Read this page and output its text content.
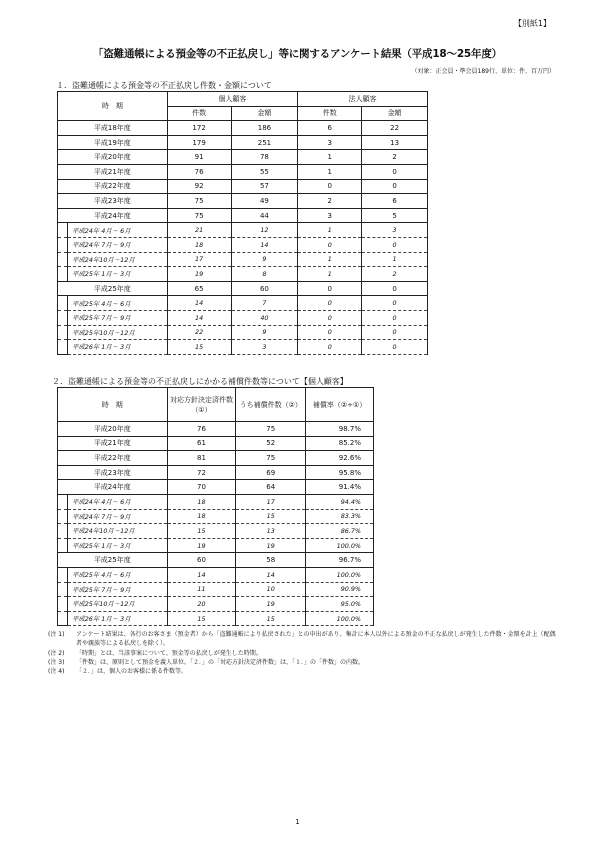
【別紙1】
「盗難通帳による預金等の不正払戻し」等に関するアンケート結果（平成18〜25年度）
（対象：正会員・準会員189行、単位：件、百万円）
１．盗難通帳による預金等の不正払戻し件数・金額について
時　期		個人顧客		法人顧客	
		件数	金額	件数	金額
平成18年度		172	186	6	22
平成19年度		179	251	3	13
平成20年度		91	78	1	2
平成21年度		76	55	1	0
平成22年度		92	57	0	0
平成23年度		75	49	2	6
平成24年度		75	44	3	5
	平成24年 4月〜 6月	21	12	1	3
	平成24年 7月〜 9月	18	14	0	0
	平成24年10月〜12月	17	9	1	1
	平成25年 1月〜 3月	19	8	1	2
平成25年度		65	60	0	0
	平成25年 4月〜 6月	14	7	0	0
	平成25年 7月〜 9月	14	40	0	0
	平成25年10月〜12月	22	9	0	0
	平成26年 1月〜 3月	15	3	0	0
２．盗難通帳による預金等の不正払戻しにかかる補償件数等について【個人顧客】
時　期		対応方針決定済件数（①）	うち補償件数（②）	補償率（②÷①）
平成20年度		76	75	98.7%
平成21年度		61	52	85.2%
平成22年度		81	75	92.6%
平成23年度		72	69	95.8%
平成24年度		70	64	91.4%
	平成24年 4月〜 6月	18	17	94.4%
	平成24年 7月〜 9月	18	15	83.3%
	平成24年10月〜12月	15	13	86.7%
	平成25年 1月〜 3月	19	19	100.0%
平成25年度		60	58	96.7%
	平成25年 4月〜 6月	14	14	100.0%
	平成25年 7月〜 9月	11	10	90.9%
	平成25年10月〜12月	20	19	95.0%
	平成26年 1月〜 3月	15	15	100.0%
(注 1)	アンケート結果は、各行のお客さま（預金者）から「盗難通帳により払戻された」との申出があり、集計に本人以外による預金の不正な払戻しが発生した件数・金額を計上（配偶者や親族等による払戻しを除く）。
(注 2)	「時期」とは、当該事案について、預金等の払戻しが発生した時期。
(注 3)	「件数」は、原則として預金を義人単位。「２．」の「対応方針決定済件数」は、「１．」の「件数」の内数。
(注 4)	「２．」は、個人のお客様に係る件数等。
1
